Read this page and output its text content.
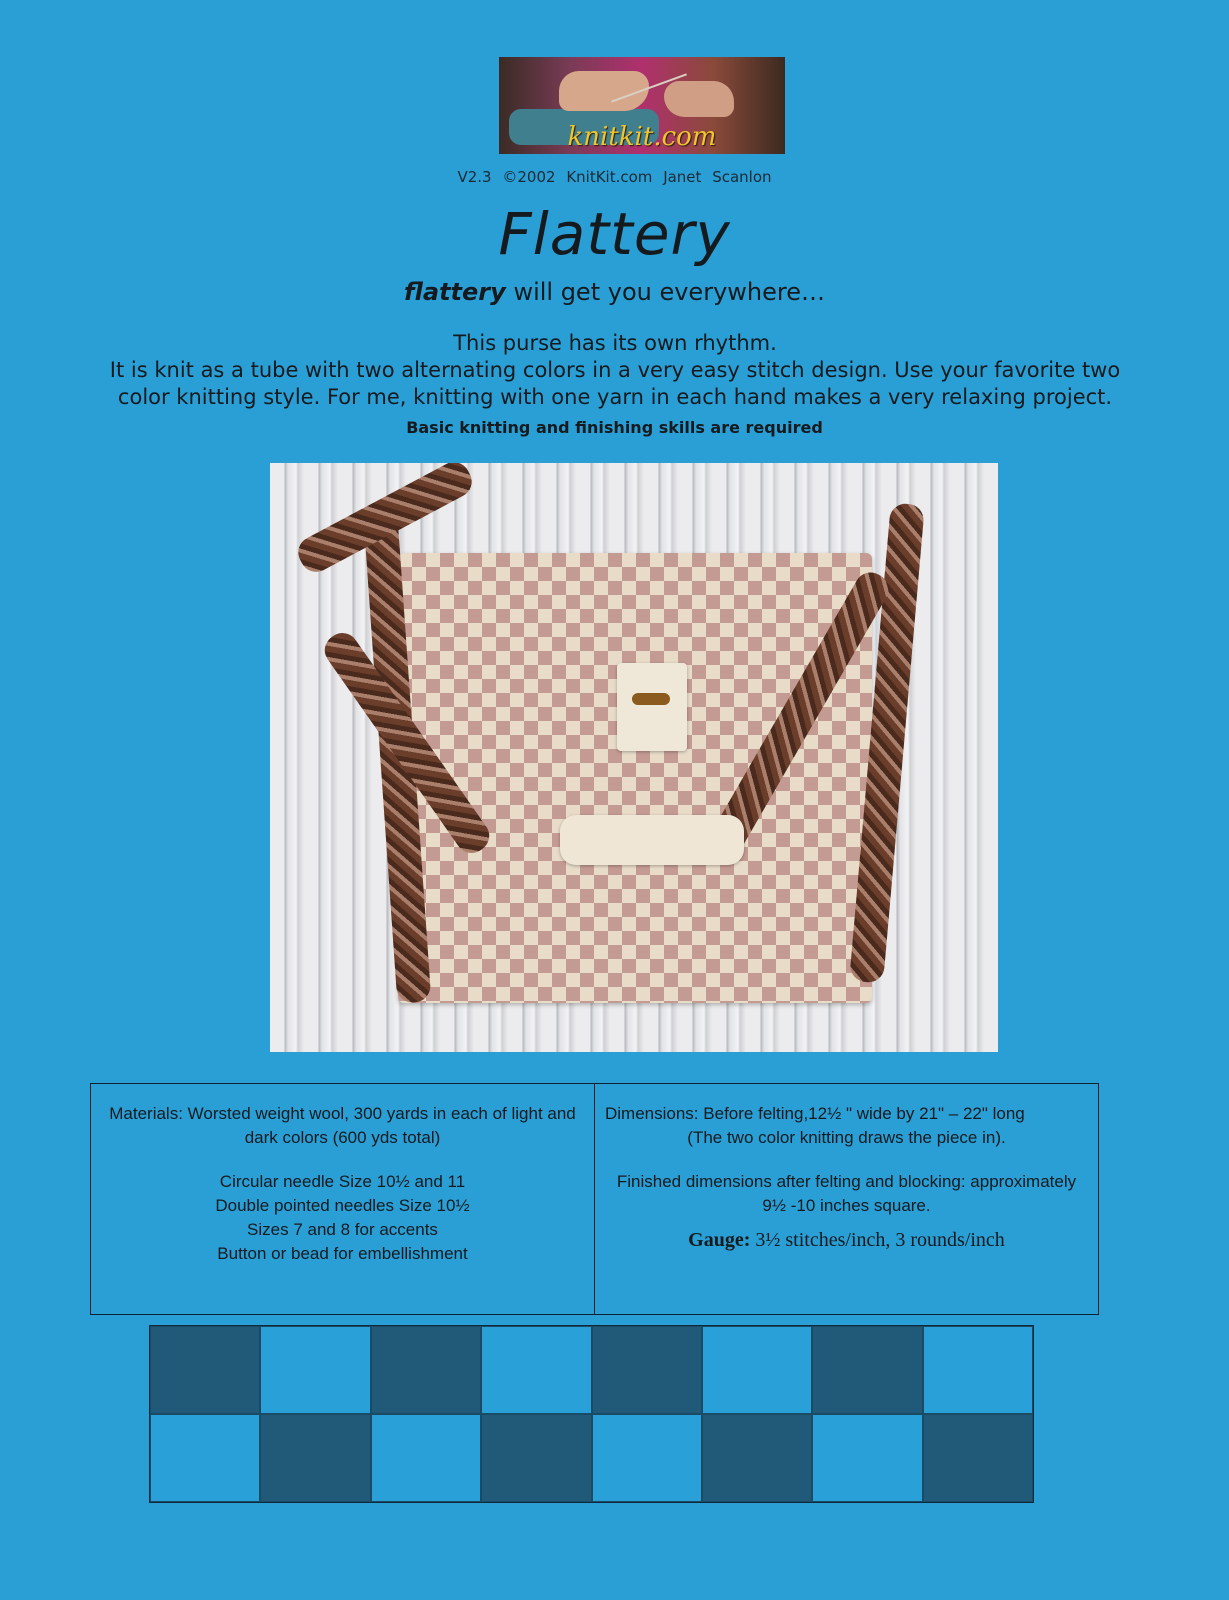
knitkit.com
V2.3 ©2002 KnitKit.com Janet Scanlon
Flattery
flattery will get you everywhere…
This purse has its own rhythm.
It is knit as a tube with two alternating colors in a very easy stitch design. Use your favorite two color knitting style. For me, knitting with one yarn in each hand makes a very relaxing project.
Basic knitting and finishing skills are required

Materials: Worsted weight wool, 300 yards in each of light and dark colors (600 yds total)

Circular needle Size 10½ and 11

Double pointed needles Size 10½

Sizes 7 and 8 for accents

Button or bead for embellishment

Dimensions: Before felting,12½ " wide by 21" – 22" long

(The two color knitting draws the piece in).

Finished dimensions after felting and blocking: approximately 9½ -10 inches square.

Gauge: 3½ stitches/inch, 3 rounds/inch
